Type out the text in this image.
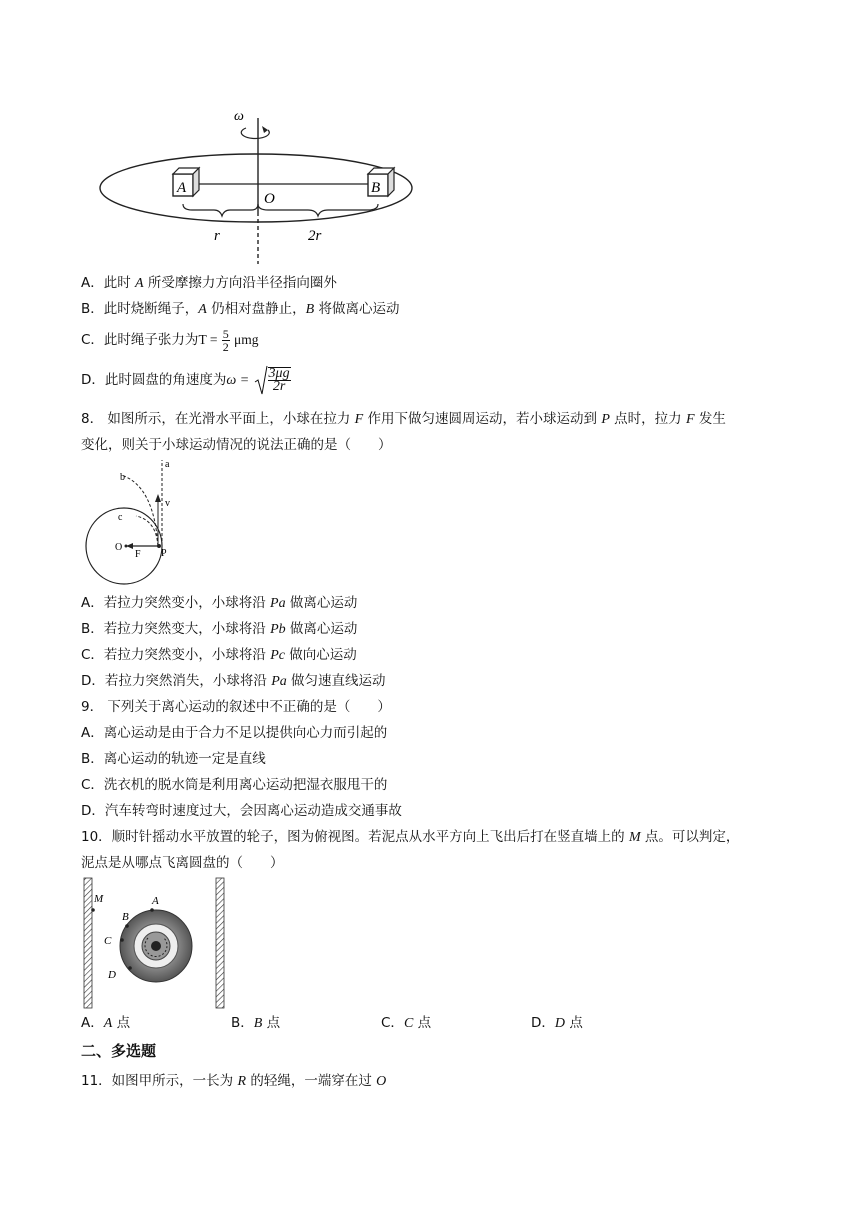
ω
A	B
O
r	2r
A．此时 A 所受摩擦力方向沿半径指向圈外
B．此时烧断绳子，A 仍相对盘静止，B 将做离心运动
C．此时绳子张力为$T = \frac{5}{2}$ μmg
D．此时圆盘的角速度为$\omega = \frac{3\mu g}{2r}$
8． 如图所示，在光滑水平面上，小球在拉力 F 作用下做匀速圆周运动，若小球运动到 P 点时，拉力 F 发生
变化，则关于小球运动情况的说法正确的是（　　）
a
b
c
v
O
F P
A．若拉力突然变小，小球将沿 Pa 做离心运动
B．若拉力突然变大，小球将沿 Pb 做离心运动
C．若拉力突然变小，小球将沿 Pc 做向心运动
D．若拉力突然消失，小球将沿 Pa 做匀速直线运动
9． 下列关于离心运动的叙述中不正确的是（　　）
A．离心运动是由于合力不足以提供向心力而引起的
B．离心运动的轨迹一定是直线
C．洗衣机的脱水筒是利用离心运动把湿衣服甩干的
D．汽车转弯时速度过大，会因离心运动造成交通事故
10．顺时针摇动水平放置的轮子，图为俯视图。若泥点从水平方向上飞出后打在竖直墙上的 M 点。可以判定，
泥点是从哪点飞离圆盘的（　　）
M	A
B
C
D
A．A 点	B．B 点	C．C 点	D．D 点
二、多选题
11．如图甲所示，一长为 R 的轻绳，一端穿在过 O
